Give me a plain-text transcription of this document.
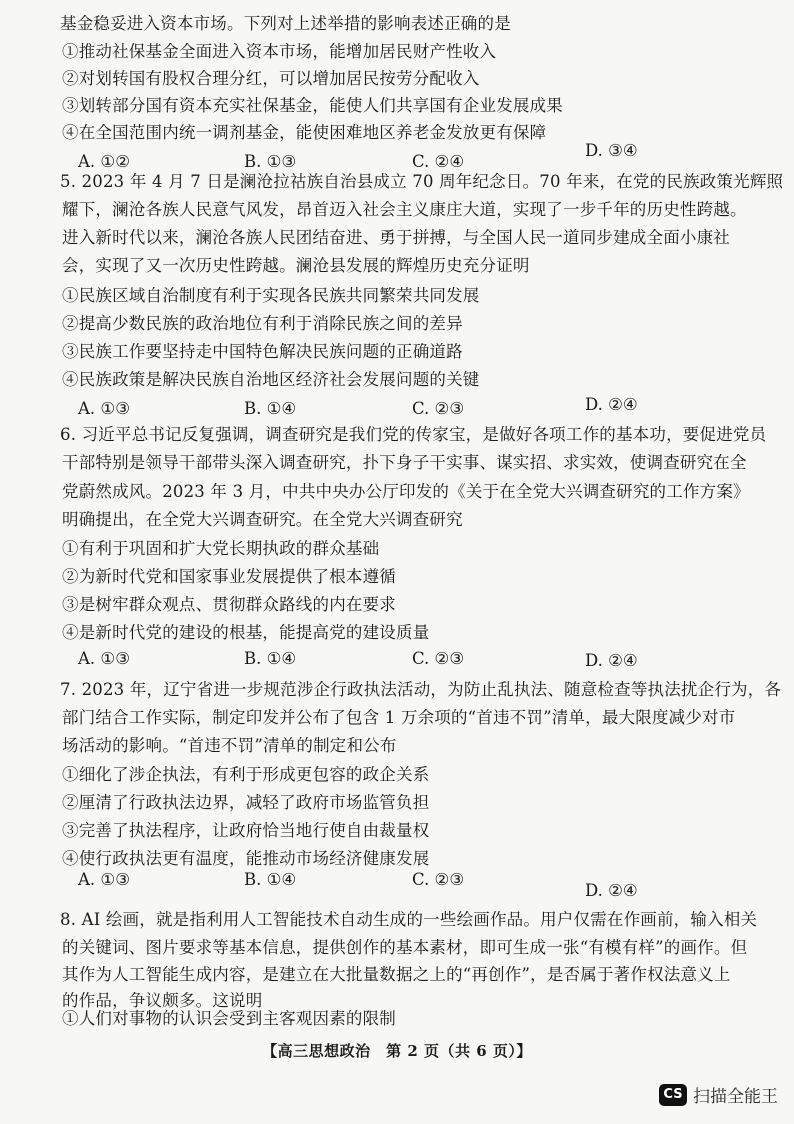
基金稳妥进入资本市场。下列对上述举措的影响表述正确的是
①推动社保基金全面进入资本市场，能增加居民财产性收入
②对划转国有股权合理分红，可以增加居民按劳分配收入
③划转部分国有资本充实社保基金，能使人们共享国有企业发展成果
④在全国范围内统一调剂基金，能使困难地区养老金发放更有保障
A. ①②	B. ①③	C. ②④
D. ③④
5. 2023 年 4 月 7 日是澜沧拉祜族自治县成立 70 周年纪念日。70 年来，在党的民族政策光辉照
耀下，澜沧各族人民意气风发，昂首迈入社会主义康庄大道，实现了一步千年的历史性跨越。
进入新时代以来，澜沧各族人民团结奋进、勇于拼搏，与全国人民一道同步建成全面小康社
会，实现了又一次历史性跨越。澜沧县发展的辉煌历史充分证明
①民族区域自治制度有利于实现各民族共同繁荣共同发展
②提高少数民族的政治地位有利于消除民族之间的差异
③民族工作要坚持走中国特色解决民族问题的正确道路
④民族政策是解决民族自治地区经济社会发展问题的关键
A. ①③	B. ①④	C. ②③	D. ②④
6. 习近平总书记反复强调，调查研究是我们党的传家宝，是做好各项工作的基本功，要促进党员
干部特别是领导干部带头深入调查研究，扑下身子干实事、谋实招、求实效，使调查研究在全
党蔚然成风。2023 年 3 月，中共中央办公厅印发的《关于在全党大兴调查研究的工作方案》
明确提出，在全党大兴调查研究。在全党大兴调查研究
①有利于巩固和扩大党长期执政的群众基础
②为新时代党和国家事业发展提供了根本遵循
③是树牢群众观点、贯彻群众路线的内在要求
④是新时代党的建设的根基，能提高党的建设质量
A. ①③	B. ①④	C. ②③	D. ②④
7. 2023 年，辽宁省进一步规范涉企行政执法活动，为防止乱执法、随意检查等执法扰企行为，各
部门结合工作实际，制定印发并公布了包含 1 万余项的“首违不罚”清单，最大限度减少对市
场活动的影响。“首违不罚”清单的制定和公布
①细化了涉企执法，有利于形成更包容的政企关系
②厘清了行政执法边界，减轻了政府市场监管负担
③完善了执法程序，让政府恰当地行使自由裁量权
④使行政执法更有温度，能推动市场经济健康发展
A. ①③	B. ①④	C. ②③
D. ②④
8. AI 绘画，就是指利用人工智能技术自动生成的一些绘画作品。用户仅需在作画前，输入相关
的关键词、图片要求等基本信息，提供创作的基本素材，即可生成一张“有模有样”的画作。但
其作为人工智能生成内容，是建立在大批量数据之上的“再创作”，是否属于著作权法意义上
的作品，争议颇多。这说明
①人们对事物的认识会受到主客观因素的限制
【高三思想政治　第 2 页（共 6 页）】
CS 扫描全能王
